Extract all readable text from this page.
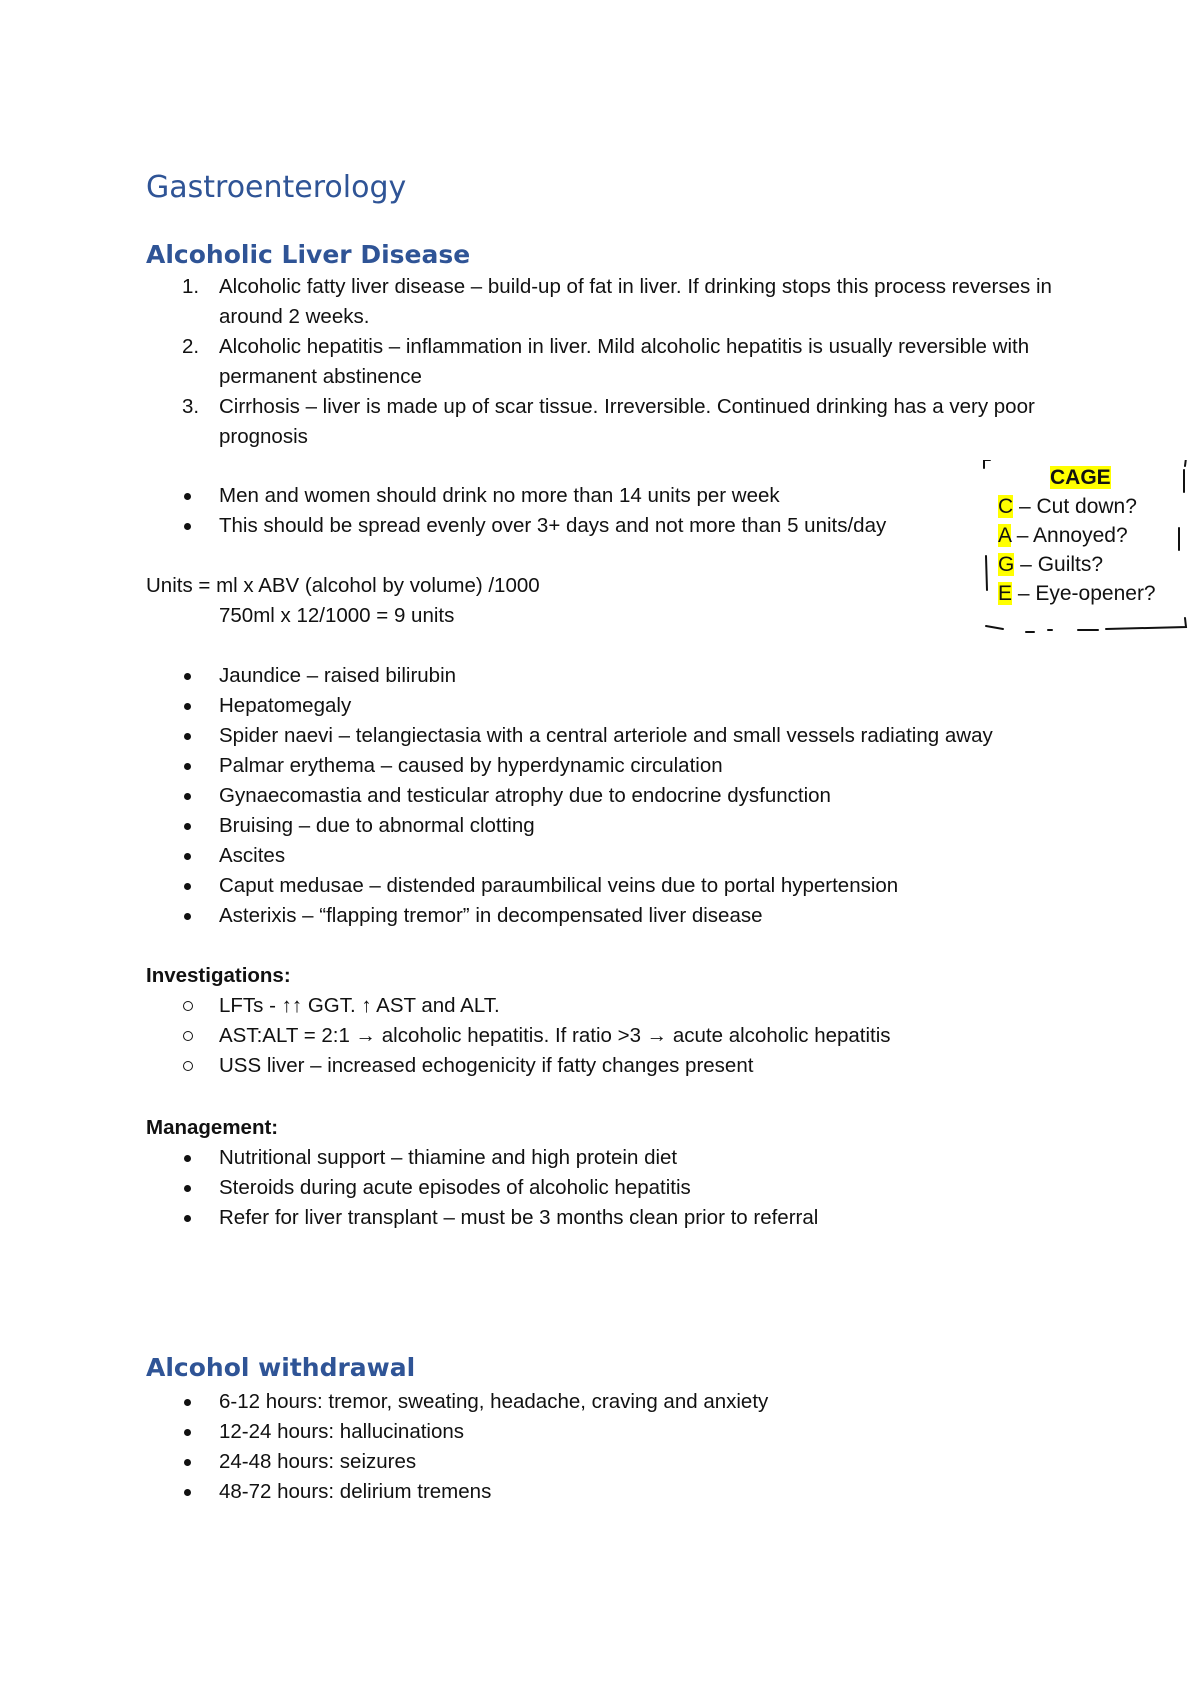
Gastroenterology
Alcoholic Liver Disease
1. Alcoholic fatty liver disease – build-up of fat in liver. If drinking stops this process reverses in around 2 weeks.
2. Alcoholic hepatitis – inflammation in liver. Mild alcoholic hepatitis is usually reversible with permanent abstinence
3. Cirrhosis – liver is made up of scar tissue. Irreversible. Continued drinking has a very poor prognosis
Men and women should drink no more than 14 units per week
This should be spread evenly over 3+ days and not more than 5 units/day
Units = ml x ABV (alcohol by volume) /1000
750ml x 12/1000 = 9 units
Jaundice – raised bilirubin
Hepatomegaly
Spider naevi – telangiectasia with a central arteriole and small vessels radiating away
Palmar erythema – caused by hyperdynamic circulation
Gynaecomastia and testicular atrophy due to endocrine dysfunction
Bruising – due to abnormal clotting
Ascites
Caput medusae – distended paraumbilical veins due to portal hypertension
Asterixis – “flapping tremor” in decompensated liver disease
Investigations:
LFTs - ↑↑ GGT. ↑ AST and ALT.
AST:ALT = 2:1 → alcoholic hepatitis. If ratio >3 → acute alcoholic hepatitis
USS liver – increased echogenicity if fatty changes present
Management:
Nutritional support – thiamine and high protein diet
Steroids during acute episodes of alcoholic hepatitis
Refer for liver transplant – must be 3 months clean prior to referral
Alcohol withdrawal
6-12 hours: tremor, sweating, headache, craving and anxiety
12-24 hours: hallucinations
24-48 hours: seizures
48-72 hours: delirium tremens
CAGE
C – Cut down?
A – Annoyed?
G – Guilts?
E – Eye-opener?
